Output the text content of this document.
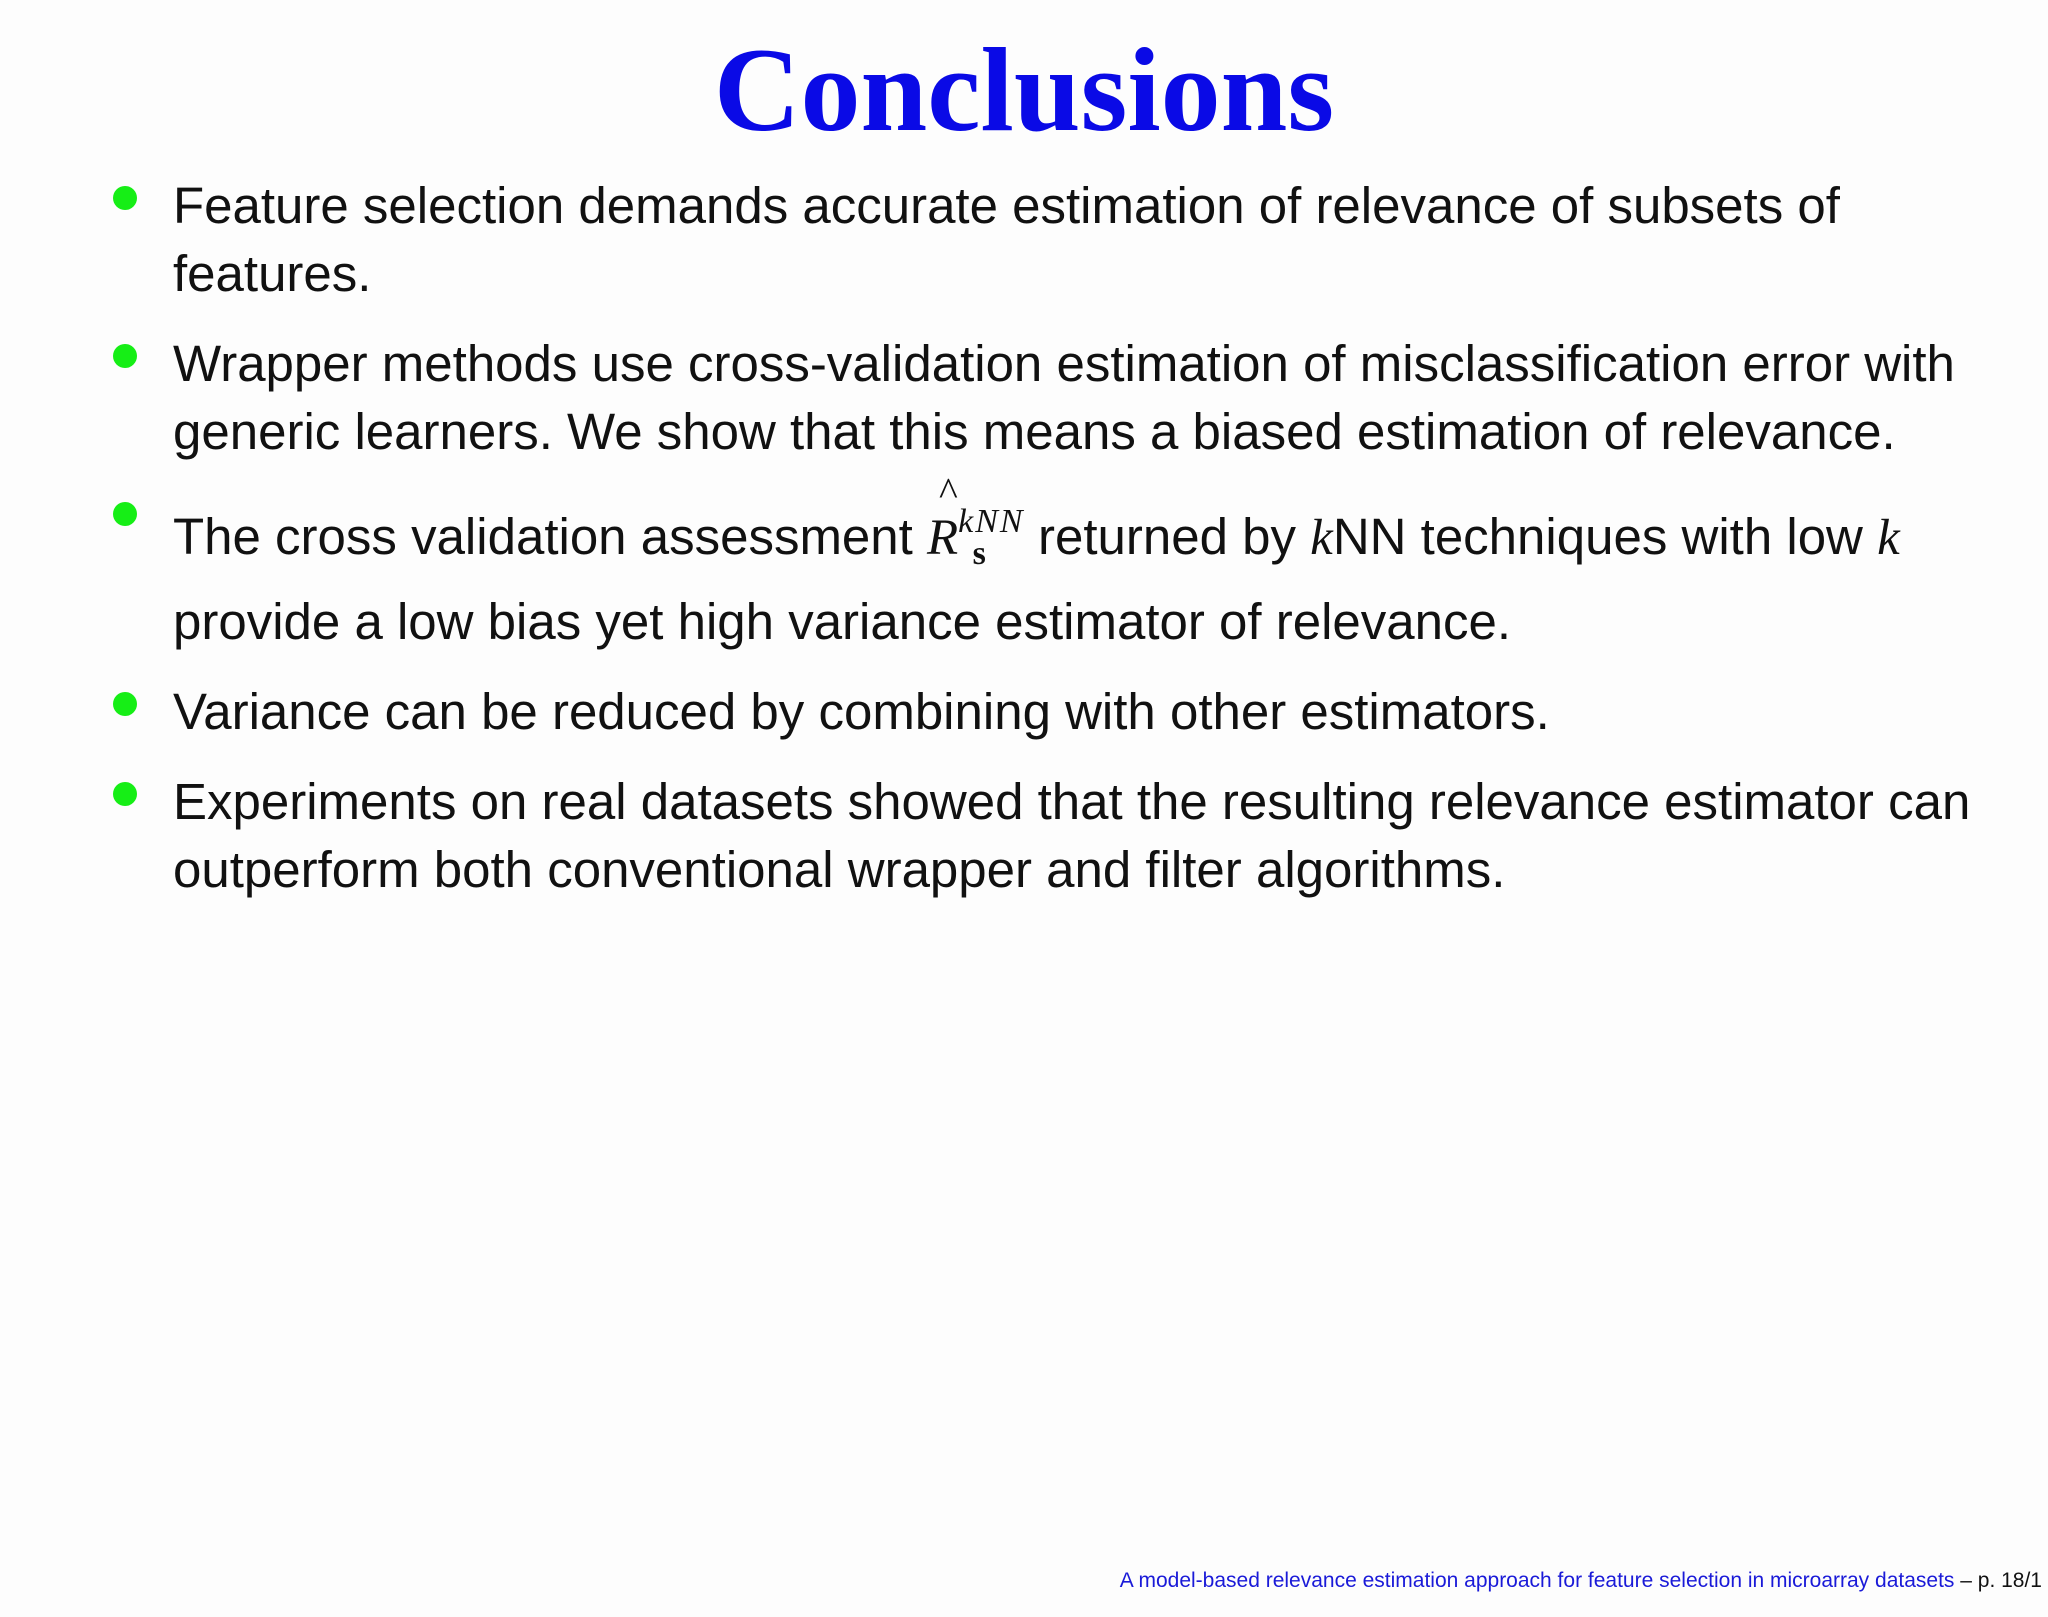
Conclusions
Feature selection demands accurate estimation of relevance of subsets of features.
Wrapper methods use cross-validation estimation of misclassification error with generic learners. We show that this means a biased estimation of relevance.
The cross validation assessment
^
$R^{kNN}_s$ returned by kNN techniques with low k provide a low bias yet high variance estimator of relevance.
Variance can be reduced by combining with other estimators.
Experiments on real datasets showed that the resulting relevance estimator can outperform both conventional wrapper and filter algorithms.
A model-based relevance estimation approach for feature selection in microarray datasets – p. 18/1
